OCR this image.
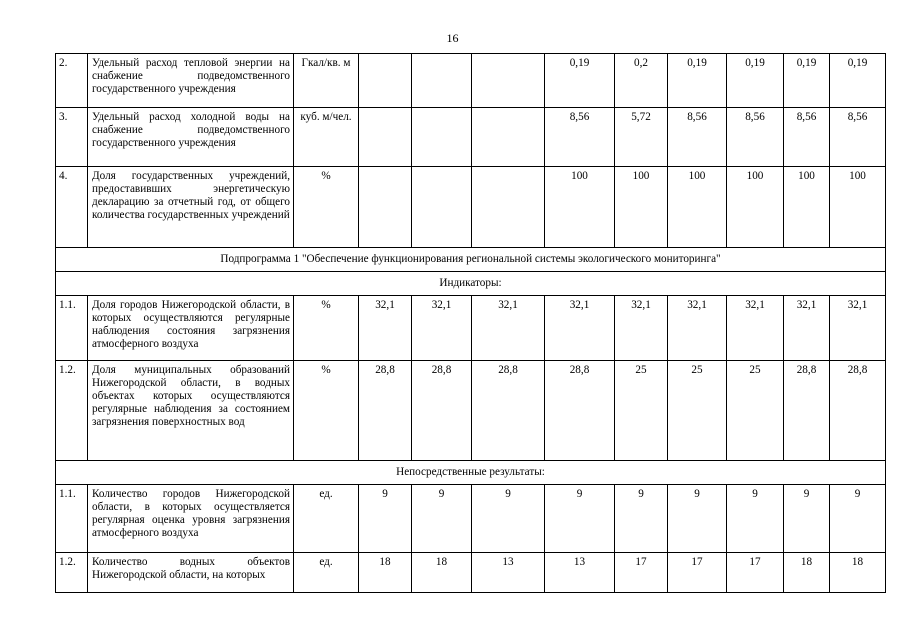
16
2.	Удельный расход тепловой энергии на снабжение подведомственного государственного учреждения	Гкал/кв. м				0,19	0,2	0,19	0,19	0,19	0,19
3.	Удельный расход холодной воды на снабжение подведомственного государственного учреждения	куб. м/чел.				8,56	5,72	8,56	8,56	8,56	8,56
4.	Доля государственных учреждений, предоставивших энергетическую декларацию за отчетный год, от общего количества государственных учреждений	%				100	100	100	100	100	100
Подпрограмма 1 "Обеспечение функционирования региональной системы экологического мониторинга"											
Индикаторы:											
1.1.	Доля городов Нижегородской области, в которых осуществляются регулярные наблюдения состояния загрязнения атмосферного воздуха	%	32,1	32,1	32,1	32,1	32,1	32,1	32,1	32,1	32,1
1.2.	Доля муниципальных образований Нижегородской области, в водных объектах которых осуществляются регулярные наблюдения за состоянием загрязнения поверхностных вод	%	28,8	28,8	28,8	28,8	25	25	25	28,8	28,8
Непосредственные результаты:											
1.1.	Количество городов Нижегородской области, в которых осуществляется регулярная оценка уровня загрязнения атмосферного воздуха	ед.	9	9	9	9	9	9	9	9	9
1.2.	Количество водных объектов Нижегородской области, на которых	ед.	18	18	13	13	17	17	17	18	18
